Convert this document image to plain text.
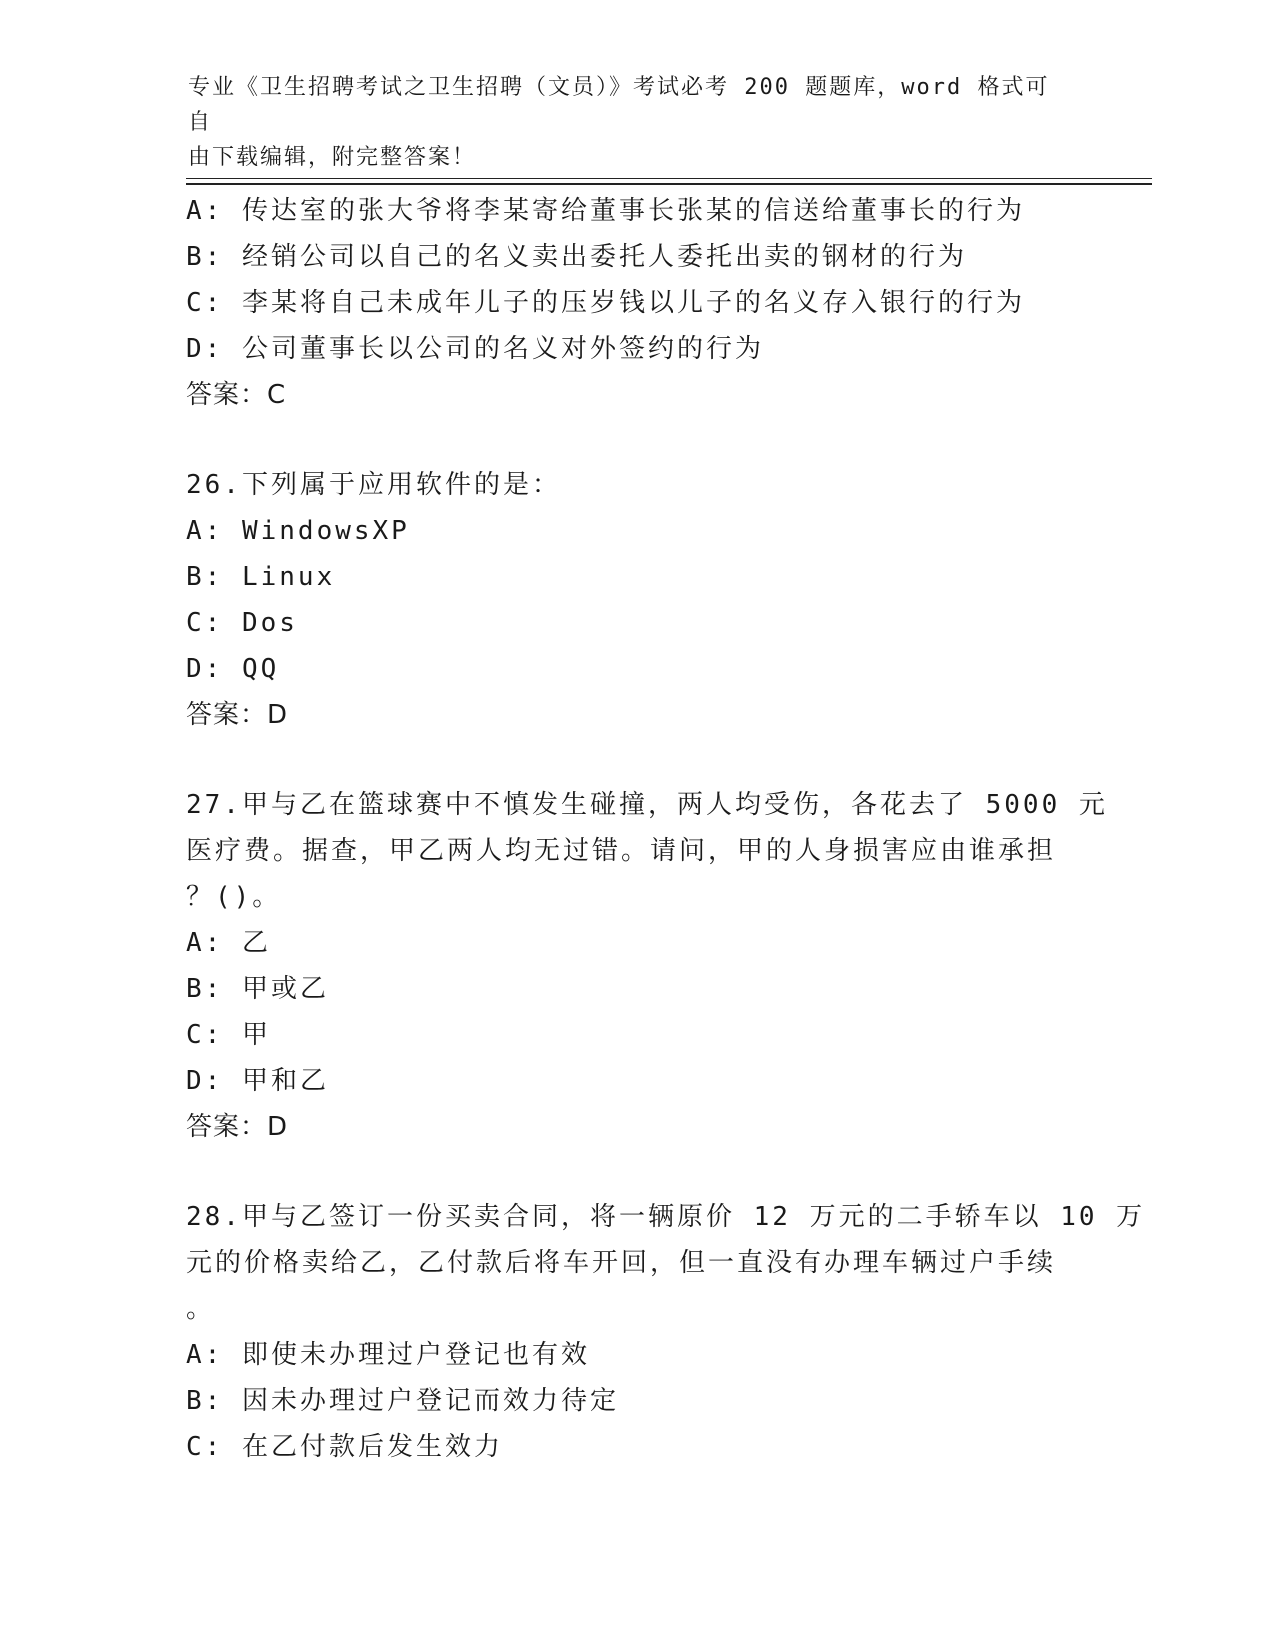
专业《卫生招聘考试之卫生招聘（文员）》考试必考 200 题题库，word 格式可自
由下载编辑，附完整答案！
A: 传达室的张大爷将李某寄给董事长张某的信送给董事长的行为
B: 经销公司以自己的名义卖出委托人委托出卖的钢材的行为
C: 李某将自己未成年儿子的压岁钱以儿子的名义存入银行的行为
D: 公司董事长以公司的名义对外签约的行为
答案：C
26.下列属于应用软件的是：
A: WindowsXP
B: Linux
C: Dos
D: QQ
答案：D
27.甲与乙在篮球赛中不慎发生碰撞，两人均受伤，各花去了 5000 元
医疗费。据查，甲乙两人均无过错。请问，甲的人身损害应由谁承担
？()。
A: 乙
B: 甲或乙
C: 甲
D: 甲和乙
答案：D
28.甲与乙签订一份买卖合同，将一辆原价 12 万元的二手轿车以 10 万
元的价格卖给乙，乙付款后将车开回，但一直没有办理车辆过户手续
。
A: 即使未办理过户登记也有效
B: 因未办理过户登记而效力待定
C: 在乙付款后发生效力
